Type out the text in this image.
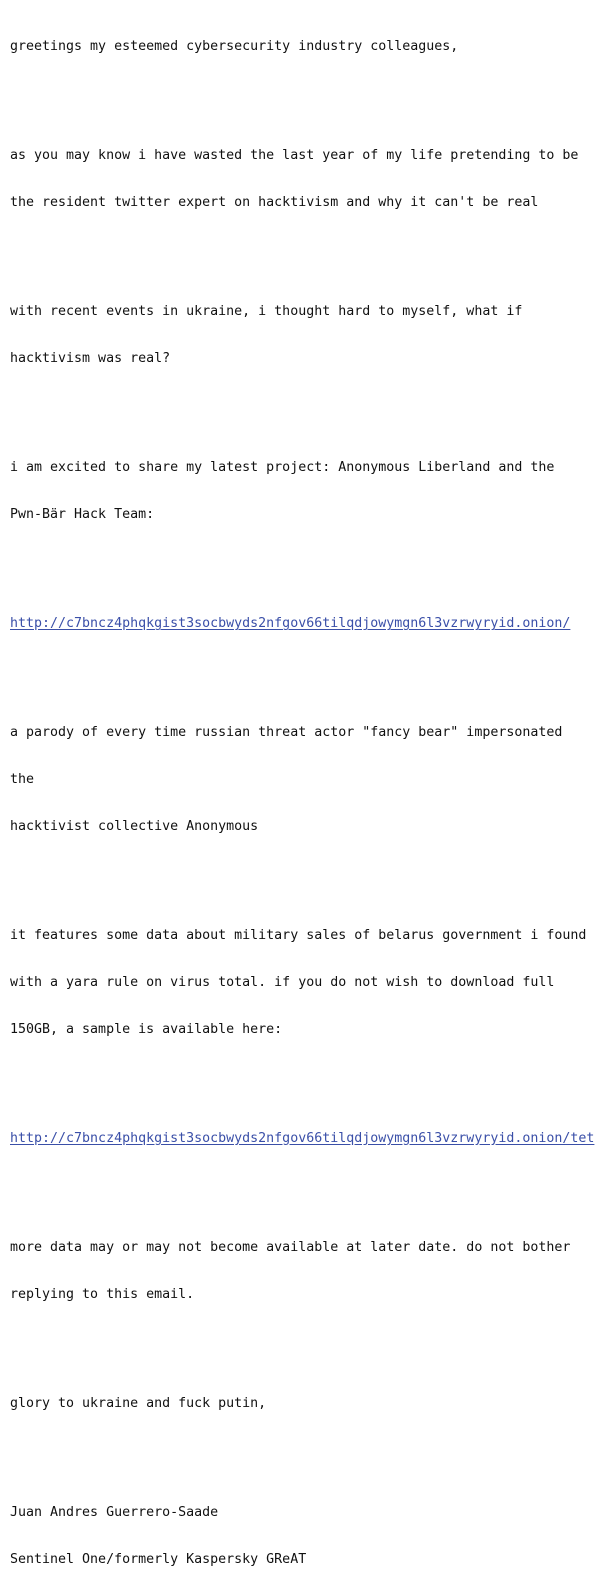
greetings my esteemed cybersecurity industry colleagues,

as you may know i have wasted the last year of my life pretending to be

the resident twitter expert on hacktivism and why it can't be real

with recent events in ukraine, i thought hard to myself, what if

hacktivism was real?

i am excited to share my latest project: Anonymous Liberland and the

Pwn-Bär Hack Team:

http://c7bncz4phqkgist3socbwyds2nfgov66tilqdjowymgn6l3vzrwyryid.onion/

a parody of every time russian threat actor "fancy bear" impersonated

the

hacktivist collective Anonymous

it features some data about military sales of belarus government i found

with a yara rule on virus total. if you do not wish to download full

150GB, a sample is available here:

http://c7bncz4phqkgist3socbwyds2nfgov66tilqdjowymgn6l3vzrwyryid.onion/tet

more data may or may not become available at later date. do not bother

replying to this email.

glory to ukraine and fuck putin,

Juan Andres Guerrero-Saade

Sentinel One/formerly Kaspersky GReAT
